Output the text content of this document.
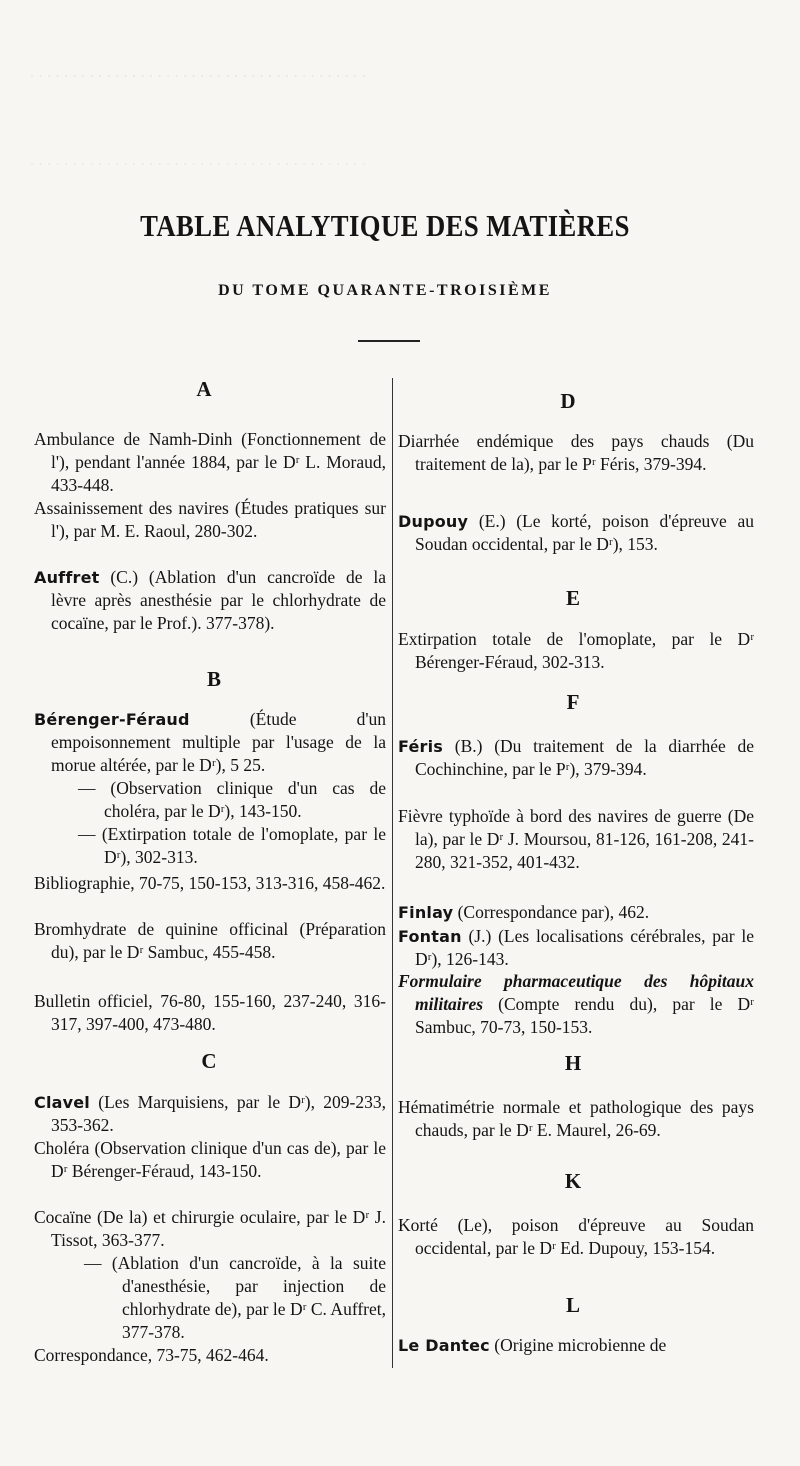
. . . . . . . . . . . . . . . . . . . . . . . . . . . . . . . . . . . . . . . .
. . . . . . . . . . . . . . . . . . . . . . . . . . . . . . . . . . . . . . . .
TABLE ANALYTIQUE DES MATIÈRES
DU TOME QUARANTE-TROISIÈME
A
Ambulance de Namh-Dinh (Fonctionnement de l'), pendant l'année 1884, par le Dʳ L. Moraud, 433-448.
Assainissement des navires (Études pratiques sur l'), par M. E. Raoul, 280-302.
Auffret (C.) (Ablation d'un cancroïde de la lèvre après anesthésie par le chlorhydrate de cocaïne, par le Prof.). 377-378).
B
Bérenger-Féraud (Étude d'un empoisonnement multiple par l'usage de la morue altérée, par le Dʳ), 5 25.
— (Observation clinique d'un cas de choléra, par le Dʳ), 143-150.
— (Extirpation totale de l'omoplate, par le Dʳ), 302-313.
Bibliographie, 70-75, 150-153, 313-316, 458-462.
Bromhydrate de quinine officinal (Préparation du), par le Dʳ Sambuc, 455-458.
Bulletin officiel, 76-80, 155-160, 237-240, 316-317, 397-400, 473-480.
C
Clavel (Les Marquisiens, par le Dʳ), 209-233, 353-362.
Choléra (Observation clinique d'un cas de), par le Dʳ Bérenger-Féraud, 143-150.
Cocaïne (De la) et chirurgie oculaire, par le Dʳ J. Tissot, 363-377.
— (Ablation d'un cancroïde, à la suite d'anesthésie, par injection de chlorhydrate de), par le Dʳ C. Auffret, 377-378.
Correspondance, 73-75, 462-464.
D
Diarrhée endémique des pays chauds (Du traitement de la), par le Pʳ Féris, 379-394.
Dupouy (E.) (Le korté, poison d'épreuve au Soudan occidental, par le Dʳ), 153.
E
Extirpation totale de l'omoplate, par le Dʳ Bérenger-Féraud, 302-313.
F
Féris (B.) (Du traitement de la diarrhée de Cochinchine, par le Pʳ), 379-394.
Fièvre typhoïde à bord des navires de guerre (De la), par le Dʳ J. Moursou, 81-126, 161-208, 241-280, 321-352, 401-432.
Finlay (Correspondance par), 462.
Fontan (J.) (Les localisations cérébrales, par le Dʳ), 126-143.
Formulaire pharmaceutique des hôpitaux militaires (Compte rendu du), par le Dʳ Sambuc, 70-73, 150-153.
H
Hématimétrie normale et pathologique des pays chauds, par le Dʳ E. Maurel, 26-69.
K
Korté (Le), poison d'épreuve au Soudan occidental, par le Dʳ Ed. Dupouy, 153-154.
L
Le Dantec (Origine microbienne de
